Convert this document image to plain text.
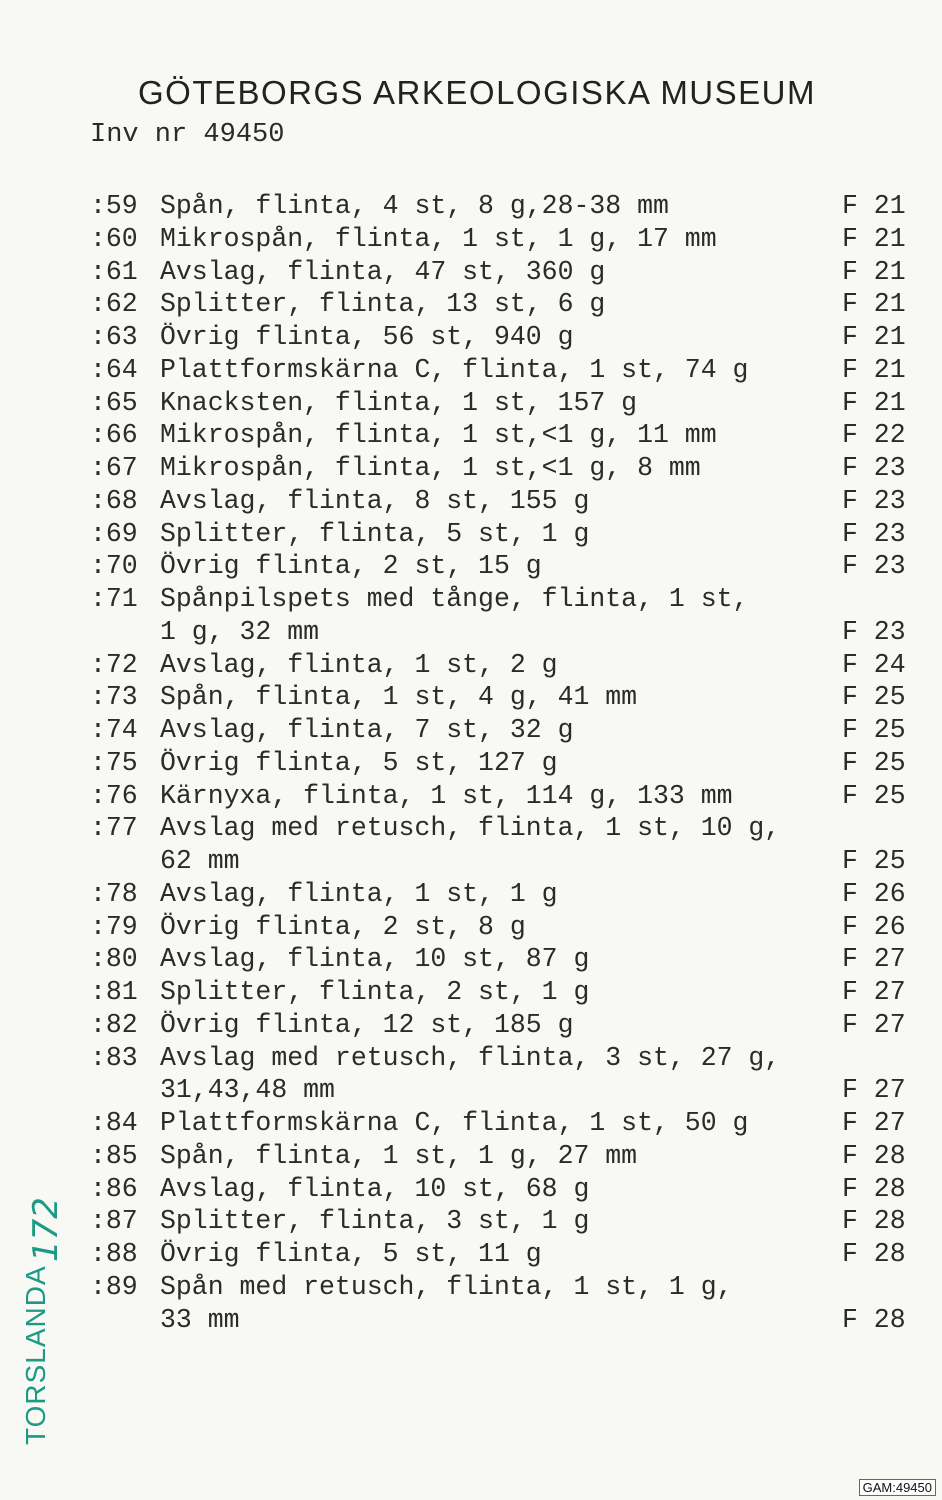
GÖTEBORGS ARKEOLOGISKA MUSEUM
Inv nr 49450
:59 Spån, flinta, 4 st, 8 g,28-38 mm	F 21
:60 Mikrospån, flinta, 1 st, 1 g, 17 mm	F 21
:61 Avslag, flinta, 47 st, 360 g	F 21
:62 Splitter, flinta, 13 st, 6 g	F 21
:63 Övrig flinta, 56 st, 940 g	F 21
:64 Plattformskärna C, flinta, 1 st, 74 g	F 21
:65 Knacksten, flinta, 1 st, 157 g	F 21
:66 Mikrospån, flinta, 1 st,<1 g, 11 mm	F 22
:67 Mikrospån, flinta, 1 st,<1 g, 8 mm	F 23
:68 Avslag, flinta, 8 st, 155 g	F 23
:69 Splitter, flinta, 5 st, 1 g	F 23
:70 Övrig flinta, 2 st, 15 g	F 23
:71 Spånpilspets med tånge, flinta, 1 st,
1 g, 32 mm	F 23
:72 Avslag, flinta, 1 st, 2 g	F 24
:73 Spån, flinta, 1 st, 4 g, 41 mm	F 25
:74 Avslag, flinta, 7 st, 32 g	F 25
:75 Övrig flinta, 5 st, 127 g	F 25
:76 Kärnyxa, flinta, 1 st, 114 g, 133 mm	F 25
:77 Avslag med retusch, flinta, 1 st, 10 g,
62 mm	F 25
:78 Avslag, flinta, 1 st, 1 g	F 26
:79 Övrig flinta, 2 st, 8 g	F 26
:80 Avslag, flinta, 10 st, 87 g	F 27
:81 Splitter, flinta, 2 st, 1 g	F 27
:82 Övrig flinta, 12 st, 185 g	F 27
:83 Avslag med retusch, flinta, 3 st, 27 g,
31,43,48 mm	F 27
:84 Plattformskärna C, flinta, 1 st, 50 g	F 27
:85 Spån, flinta, 1 st, 1 g, 27 mm	F 28
:86 Avslag, flinta, 10 st, 68 g	F 28
:87 Splitter, flinta, 3 st, 1 g	F 28
:88 Övrig flinta, 5 st, 11 g	F 28
:89 Spån med retusch, flinta, 1 st, 1 g,
33 mm	F 28
TORSLANDA
172
GAM:49450
